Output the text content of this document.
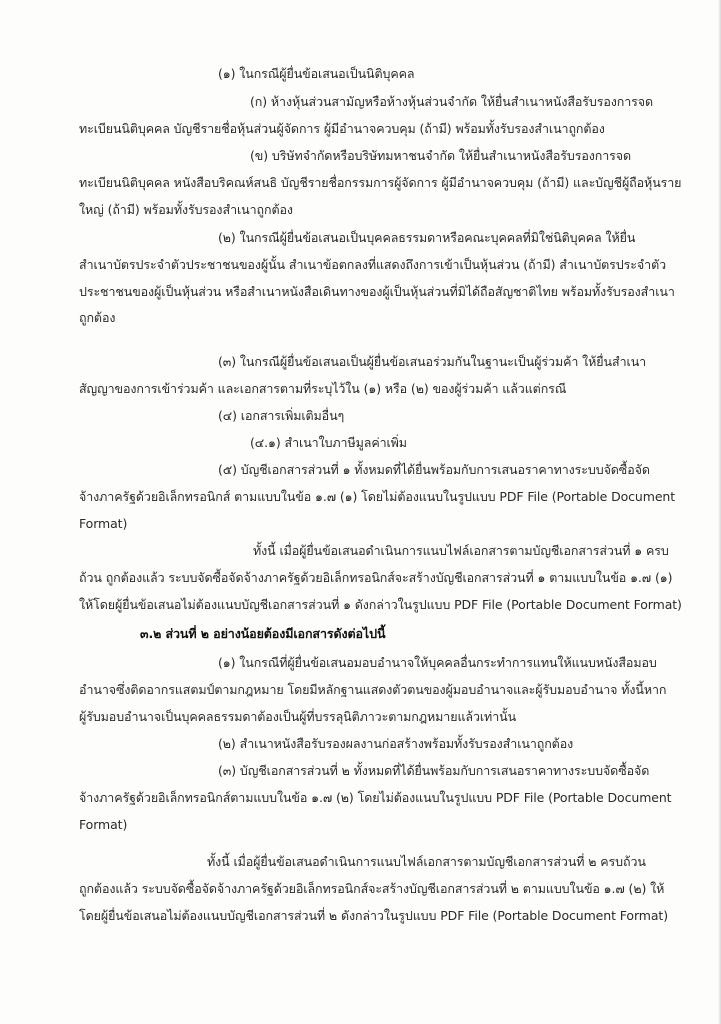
(๑) ในกรณีผู้ยื่นข้อเสนอเป็นนิติบุคคล
(ก) ห้างหุ้นส่วนสามัญหรือห้างหุ้นส่วนจำกัด ให้ยื่นสำเนาหนังสือรับรองการจด
ทะเบียนนิติบุคคล บัญชีรายชื่อหุ้นส่วนผู้จัดการ ผู้มีอำนาจควบคุม (ถ้ามี) พร้อมทั้งรับรองสำเนาถูกต้อง
(ข) บริษัทจำกัดหรือบริษัทมหาชนจำกัด ให้ยื่นสำเนาหนังสือรับรองการจด
ทะเบียนนิติบุคคล หนังสือบริคณห์สนธิ บัญชีรายชื่อกรรมการผู้จัดการ ผู้มีอำนาจควบคุม (ถ้ามี) และบัญชีผู้ถือหุ้นราย
ใหญ่ (ถ้ามี) พร้อมทั้งรับรองสำเนาถูกต้อง
(๒) ในกรณีผู้ยื่นข้อเสนอเป็นบุคคลธรรมดาหรือคณะบุคคลที่มิใช่นิติบุคคล ให้ยื่น
สำเนาบัตรประจำตัวประชาชนของผู้นั้น สำเนาข้อตกลงที่แสดงถึงการเข้าเป็นหุ้นส่วน (ถ้ามี) สำเนาบัตรประจำตัว
ประชาชนของผู้เป็นหุ้นส่วน หรือสำเนาหนังสือเดินทางของผู้เป็นหุ้นส่วนที่มิได้ถือสัญชาติไทย พร้อมทั้งรับรองสำเนา
ถูกต้อง
(๓) ในกรณีผู้ยื่นข้อเสนอเป็นผู้ยื่นข้อเสนอร่วมกันในฐานะเป็นผู้ร่วมค้า ให้ยื่นสำเนา
สัญญาของการเข้าร่วมค้า และเอกสารตามที่ระบุไว้ใน (๑) หรือ (๒) ของผู้ร่วมค้า แล้วแต่กรณี
(๔) เอกสารเพิ่มเติมอื่นๆ
(๔.๑) สำเนาใบภาษีมูลค่าเพิ่ม
(๕) บัญชีเอกสารส่วนที่ ๑ ทั้งหมดที่ได้ยื่นพร้อมกับการเสนอราคาทางระบบจัดซื้อจัด
จ้างภาครัฐด้วยอิเล็กทรอนิกส์ ตามแบบในข้อ ๑.๗ (๑) โดยไม่ต้องแนบในรูปแบบ PDF File (Portable Document
Format)
ทั้งนี้ เมื่อผู้ยื่นข้อเสนอดำเนินการแนบไฟล์เอกสารตามบัญชีเอกสารส่วนที่ ๑ ครบ
ถ้วน ถูกต้องแล้ว ระบบจัดซื้อจัดจ้างภาครัฐด้วยอิเล็กทรอนิกส์จะสร้างบัญชีเอกสารส่วนที่ ๑ ตามแบบในข้อ ๑.๗ (๑)
ให้โดยผู้ยื่นข้อเสนอไม่ต้องแนบบัญชีเอกสารส่วนที่ ๑ ดังกล่าวในรูปแบบ PDF File (Portable Document Format)
๓.๒ ส่วนที่ ๒ อย่างน้อยต้องมีเอกสารดังต่อไปนี้
(๑) ในกรณีที่ผู้ยื่นข้อเสนอมอบอำนาจให้บุคคลอื่นกระทำการแทนให้แนบหนังสือมอบ
อำนาจซึ่งติดอากรแสตมป์ตามกฎหมาย โดยมีหลักฐานแสดงตัวตนของผู้มอบอำนาจและผู้รับมอบอำนาจ ทั้งนี้หาก
ผู้รับมอบอำนาจเป็นบุคคลธรรมดาต้องเป็นผู้ที่บรรลุนิติภาวะตามกฎหมายแล้วเท่านั้น
(๒) สำเนาหนังสือรับรองผลงานก่อสร้างพร้อมทั้งรับรองสำเนาถูกต้อง
(๓) บัญชีเอกสารส่วนที่ ๒ ทั้งหมดที่ได้ยื่นพร้อมกับการเสนอราคาทางระบบจัดซื้อจัด
จ้างภาครัฐด้วยอิเล็กทรอนิกส์ตามแบบในข้อ ๑.๗ (๒) โดยไม่ต้องแนบในรูปแบบ PDF File (Portable Document
Format)
ทั้งนี้ เมื่อผู้ยื่นข้อเสนอดำเนินการแนบไฟล์เอกสารตามบัญชีเอกสารส่วนที่ ๒ ครบถ้วน
ถูกต้องแล้ว ระบบจัดซื้อจัดจ้างภาครัฐด้วยอิเล็กทรอนิกส์จะสร้างบัญชีเอกสารส่วนที่ ๒ ตามแบบในข้อ ๑.๗ (๒) ให้
โดยผู้ยื่นข้อเสนอไม่ต้องแนบบัญชีเอกสารส่วนที่ ๒ ดังกล่าวในรูปแบบ PDF File (Portable Document Format)
